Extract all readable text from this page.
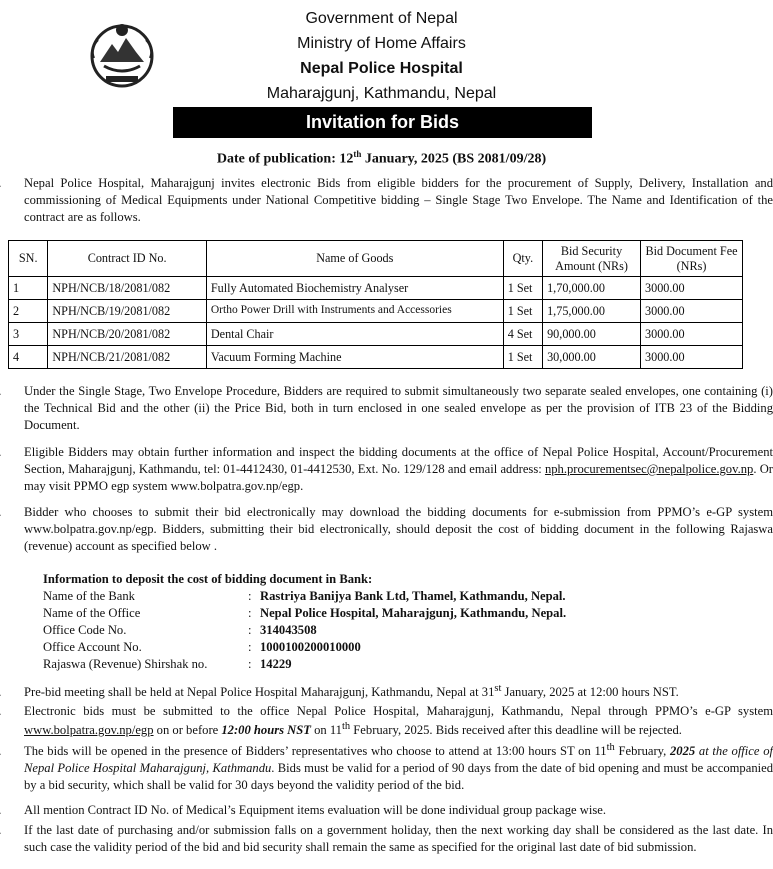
Government of Nepal
Ministry of Home Affairs
Nepal Police Hospital
Maharajgunj, Kathmandu, Nepal
Invitation for Bids
Date of publication: 12th January, 2025 (BS 2081/09/28)
Nepal Police Hospital, Maharajgunj invites electronic Bids from eligible bidders for the procurement of Supply, Delivery, Installation and commissioning of Medical Equipments under National Competitive bidding – Single Stage Two Envelope. The Name and Identification of the contract are as follows.
SN.	Contract ID No.	Name of Goods	Qty.	Bid Security Amount (NRs)	Bid Document Fee (NRs)
1	NPH/NCB/18/2081/082	Fully Automated Biochemistry Analyser	1 Set	1,70,000.00	3000.00
2	NPH/NCB/19/2081/082	Ortho Power Drill with Instruments and Accessories	1 Set	1,75,000.00	3000.00
3	NPH/NCB/20/2081/082	Dental Chair	4 Set	90,000.00	3000.00
4	NPH/NCB/21/2081/082	Vacuum Forming Machine	1 Set	30,000.00	3000.00
Under the Single Stage, Two Envelope Procedure, Bidders are required to submit simultaneously two separate sealed envelopes, one containing (i) the Technical Bid and the other (ii) the Price Bid, both in turn enclosed in one sealed envelope as per the provision of ITB 23 of the Bidding Document.
Eligible Bidders may obtain further information and inspect the bidding documents at the office of Nepal Police Hospital, Account/Procurement Section, Maharajgunj, Kathmandu, tel: 01-4412430, 01-4412530, Ext. No. 129/128 and email address: nph.procurementsec@nepalpolice.gov.np. Or may visit PPMO egp system www.bolpatra.gov.np/egp.
Bidder who chooses to submit their bid electronically may download the bidding documents for e-submission from PPMO’s e-GP system www.bolpatra.gov.np/egp. Bidders, submitting their bid electronically, should deposit the cost of bidding document in the following Rajaswa (revenue) account as specified below .
Information to deposit the cost of bidding document in Bank:
Name of the Bank	: Rastriya Banijya Bank Ltd, Thamel, Kathmandu, Nepal.
Name of the Office	: Nepal Police Hospital, Maharajgunj, Kathmandu, Nepal.
Office Code No.	: 314043508
Office Account No.	: 1000100200010000
Rajaswa (Revenue) Shirshak no.	: 14229
Pre-bid meeting shall be held at Nepal Police Hospital Maharajgunj, Kathmandu, Nepal at 31st January, 2025 at 12:00 hours NST.
Electronic bids must be submitted to the office Nepal Police Hospital, Maharajgunj, Kathmandu, Nepal through PPMO’s e-GP system www.bolpatra.gov.np/egp on or before 12:00 hours NST on 11th February, 2025. Bids received after this deadline will be rejected.
The bids will be opened in the presence of Bidders’ representatives who choose to attend at 13:00 hours ST on 11th February, 2025 at the office of Nepal Police Hospital Maharajgunj, Kathmandu. Bids must be valid for a period of 90 days from the date of bid opening and must be accompanied by a bid security, which shall be valid for 30 days beyond the validity period of the bid.
All mention Contract ID No. of Medical’s Equipment items evaluation will be done individual group package wise.
If the last date of purchasing and/or submission falls on a government holiday, then the next working day shall be considered as the last date. In such case the validity period of the bid and bid security shall remain the same as specified for the original last date of bid submission.
